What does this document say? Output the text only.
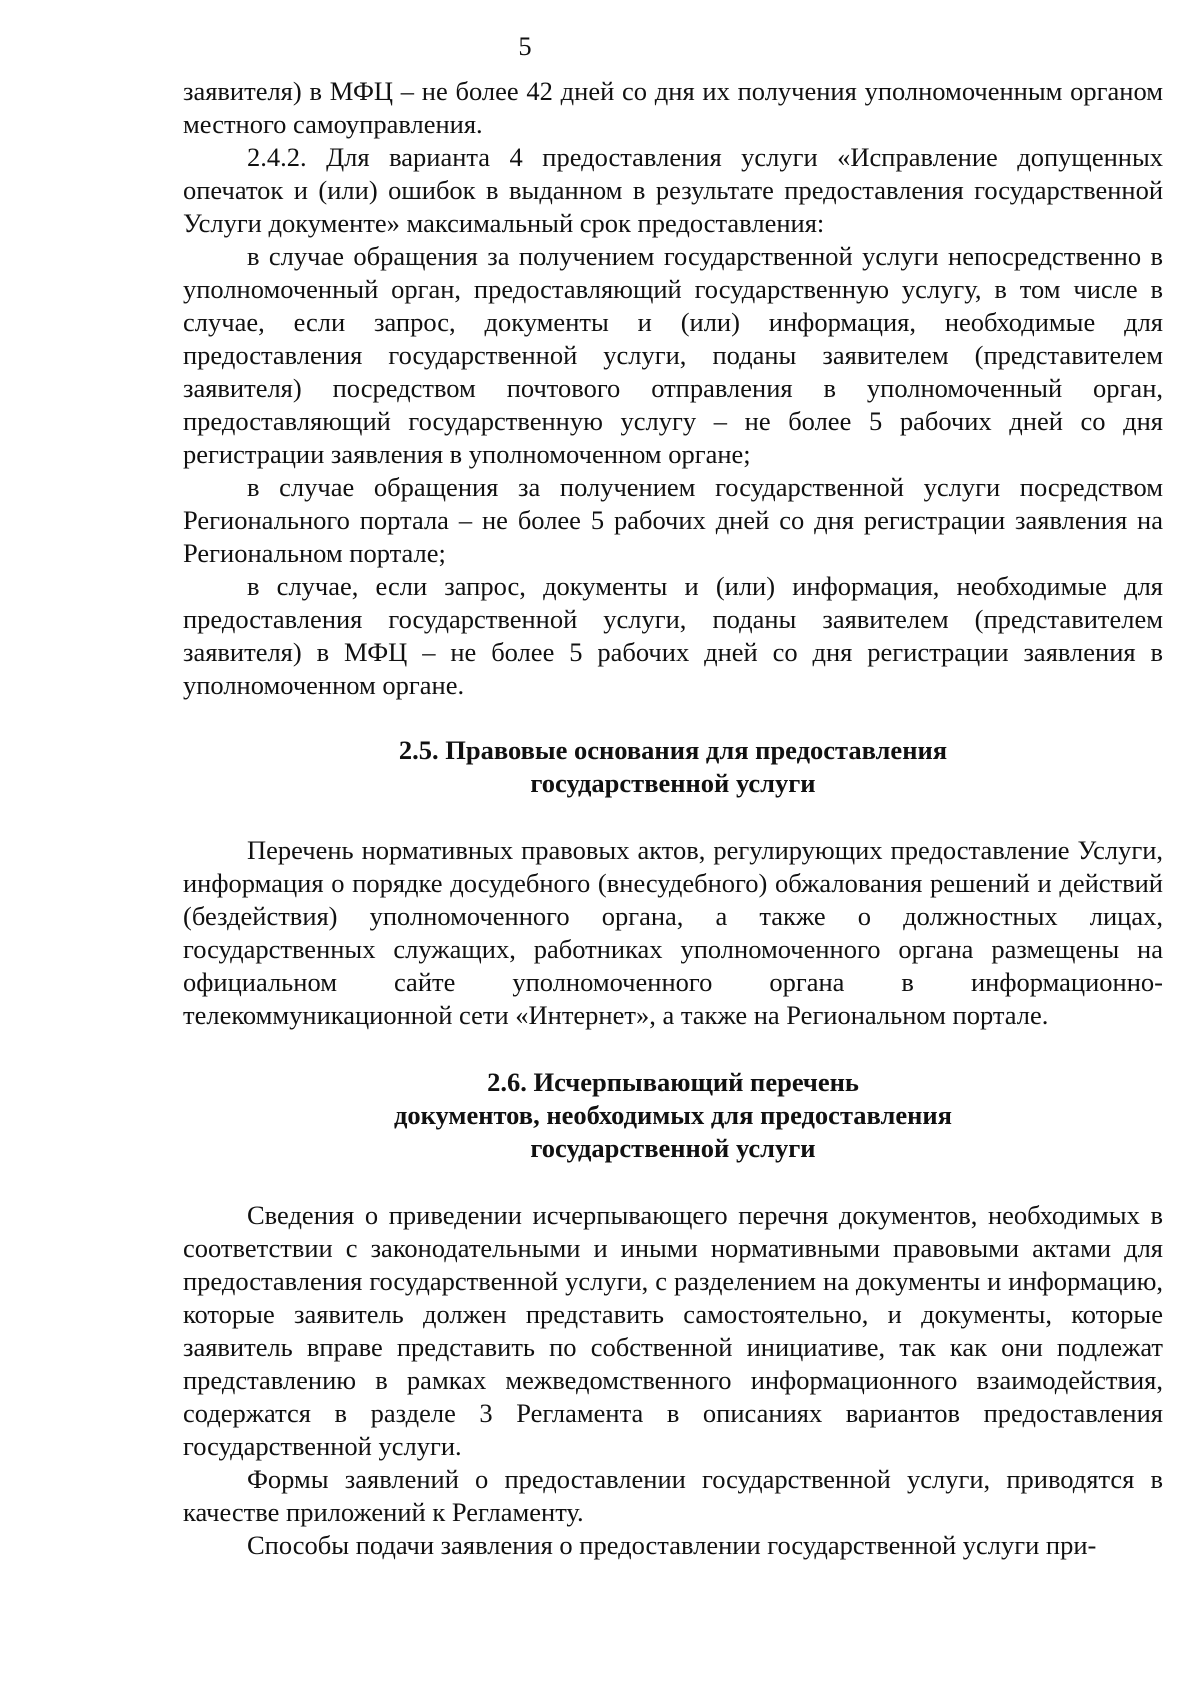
5

заявителя) в МФЦ – не более 42 дней со дня их получения уполномоченным органом местного самоуправления.

2.4.2. Для варианта 4 предоставления услуги «Исправление допущенных опечаток и (или) ошибок в выданном в результате предоставления государственной Услуги документе» максимальный срок предоставления:

в случае обращения за получением государственной услуги непосредственно в уполномоченный орган, предоставляющий государственную услугу, в том числе в случае, если запрос, документы и (или) информация, необходимые для предоставления государственной услуги, поданы заявителем (представителем заявителя) посредством почтового отправления в уполномоченный орган, предоставляющий государственную услугу – не более 5 рабочих дней со дня регистрации заявления в уполномоченном органе;

в случае обращения за получением государственной услуги посредством Регионального портала – не более 5 рабочих дней со дня регистрации заявления на Региональном портале;

в случае, если запрос, документы и (или) информация, необходимые для предоставления государственной услуги, поданы заявителем (представителем заявителя) в МФЦ – не более 5 рабочих дней со дня регистрации заявления в уполномоченном органе.

2.5. Правовые основания для предоставления
государственной услуги

Перечень нормативных правовых актов, регулирующих предоставление Услуги, информация о порядке досудебного (внесудебного) обжалования решений и действий (бездействия) уполномоченного органа, а также о должностных лицах, государственных служащих, работниках уполномоченного органа размещены на официальном сайте уполномоченного органа в информационно-телекоммуникационной сети «Интернет», а также на Региональном портале.

2.6. Исчерпывающий перечень
документов, необходимых для предоставления
государственной услуги

Сведения о приведении исчерпывающего перечня документов, необходимых в соответствии с законодательными и иными нормативными правовыми актами для предоставления государственной услуги, с разделением на документы и информацию, которые заявитель должен представить самостоятельно, и документы, которые заявитель вправе представить по собственной инициативе, так как они подлежат представлению в рамках межведомственного информационного взаимодействия, содержатся в разделе 3 Регламента в описаниях вариантов предоставления государственной услуги.

Формы заявлений о предоставлении государственной услуги, приводятся в качестве приложений к Регламенту.

Способы подачи заявления о предоставлении государственной услуги при-
